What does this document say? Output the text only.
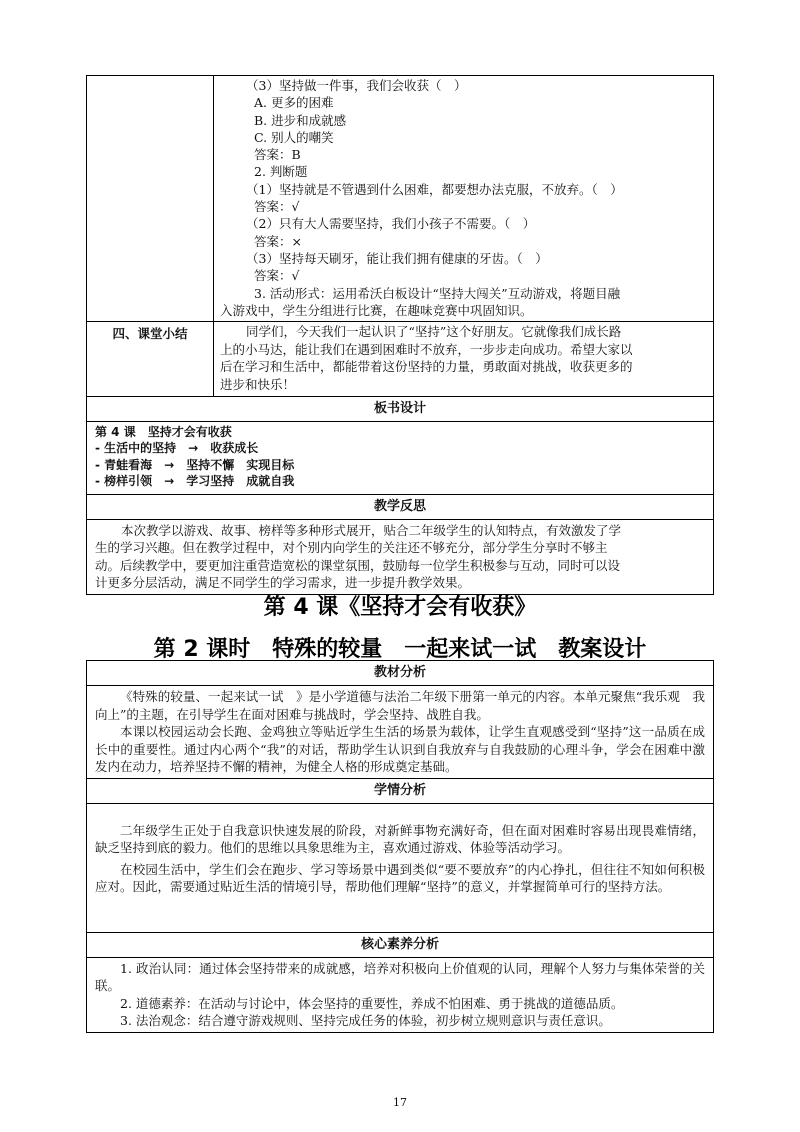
（3）坚持做一件事，我们会收获（　）
A. 更多的困难
B. 进步和成就感
C. 别人的嘲笑
答案：B
2. 判断题
（1）坚持就是不管遇到什么困难，都要想办法克服，不放弃。（　）
答案：√
（2）只有大人需要坚持，我们小孩子不需要。（　）
答案：×
（3）坚持每天刷牙，能让我们拥有健康的牙齿。（　）
答案：√
3. 活动形式：运用希沃白板设计“坚持大闯关”互动游戏，将题目融
入游戏中，学生分组进行比赛，在趣味竞赛中巩固知识。
四、课堂小结	同学们，今天我们一起认识了“坚持”这个好朋友。它就像我们成长路
上的小马达，能让我们在遇到困难时不放弃，一步步走向成功。希望大家以
后在学习和生活中，都能带着这份坚持的力量，勇敢面对挑战，收获更多的
进步和快乐！
板书设计
第 4 课　坚持才会有收获
- 生活中的坚持　→　收获成长
- 青蛙看海　→　坚持不懈　实现目标
- 榜样引领　→　学习坚持　成就自我
教学反思
本次教学以游戏、故事、榜样等多种形式展开，贴合二年级学生的认知特点，有效激发了学
生的学习兴趣。但在教学过程中，对个别内向学生的关注还不够充分，部分学生分享时不够主
动。后续教学中，要更加注重营造宽松的课堂氛围，鼓励每一位学生积极参与互动，同时可以设
计更多分层活动，满足不同学生的学习需求，进一步提升教学效果。
第 4 课《坚持才会有收获》
第 2 课时　特殊的较量　一起来试一试　教案设计
教材分析
《特殊的较量、一起来试一试　》是小学道德与法治二年级下册第一单元的内容。本单元聚焦“我乐观　我向上”的主题，在引导学生在面对困难与挑战时，学会坚持、战胜自我。
本课以校园运动会长跑、金鸡独立等贴近学生生活的场景为载体，让学生直观感受到“坚持”这一品质在成长中的重要性。通过内心两个“我”的对话，帮助学生认识到自我放弃与自我鼓励的心理斗争，学会在困难中激发内在动力，培养坚持不懈的精神，为健全人格的形成奠定基础。
学情分析
二年级学生正处于自我意识快速发展的阶段，对新鲜事物充满好奇，但在面对困难时容易出现畏难情绪，缺乏坚持到底的毅力。他们的思维以具象思维为主，喜欢通过游戏、体验等活动学习。
在校园生活中，学生们会在跑步、学习等场景中遇到类似“要不要放弃”的内心挣扎，但往往不知如何积极应对。因此，需要通过贴近生活的情境引导，帮助他们理解“坚持”的意义，并掌握简单可行的坚持方法。
核心素养分析
1. 政治认同：通过体会坚持带来的成就感，培养对积极向上价值观的认同，理解个人努力与集体荣誉的关联。
2. 道德素养：在活动与讨论中，体会坚持的重要性，养成不怕困难、勇于挑战的道德品质。
3. 法治观念：结合遵守游戏规则、坚持完成任务的体验，初步树立规则意识与责任意识。
17
